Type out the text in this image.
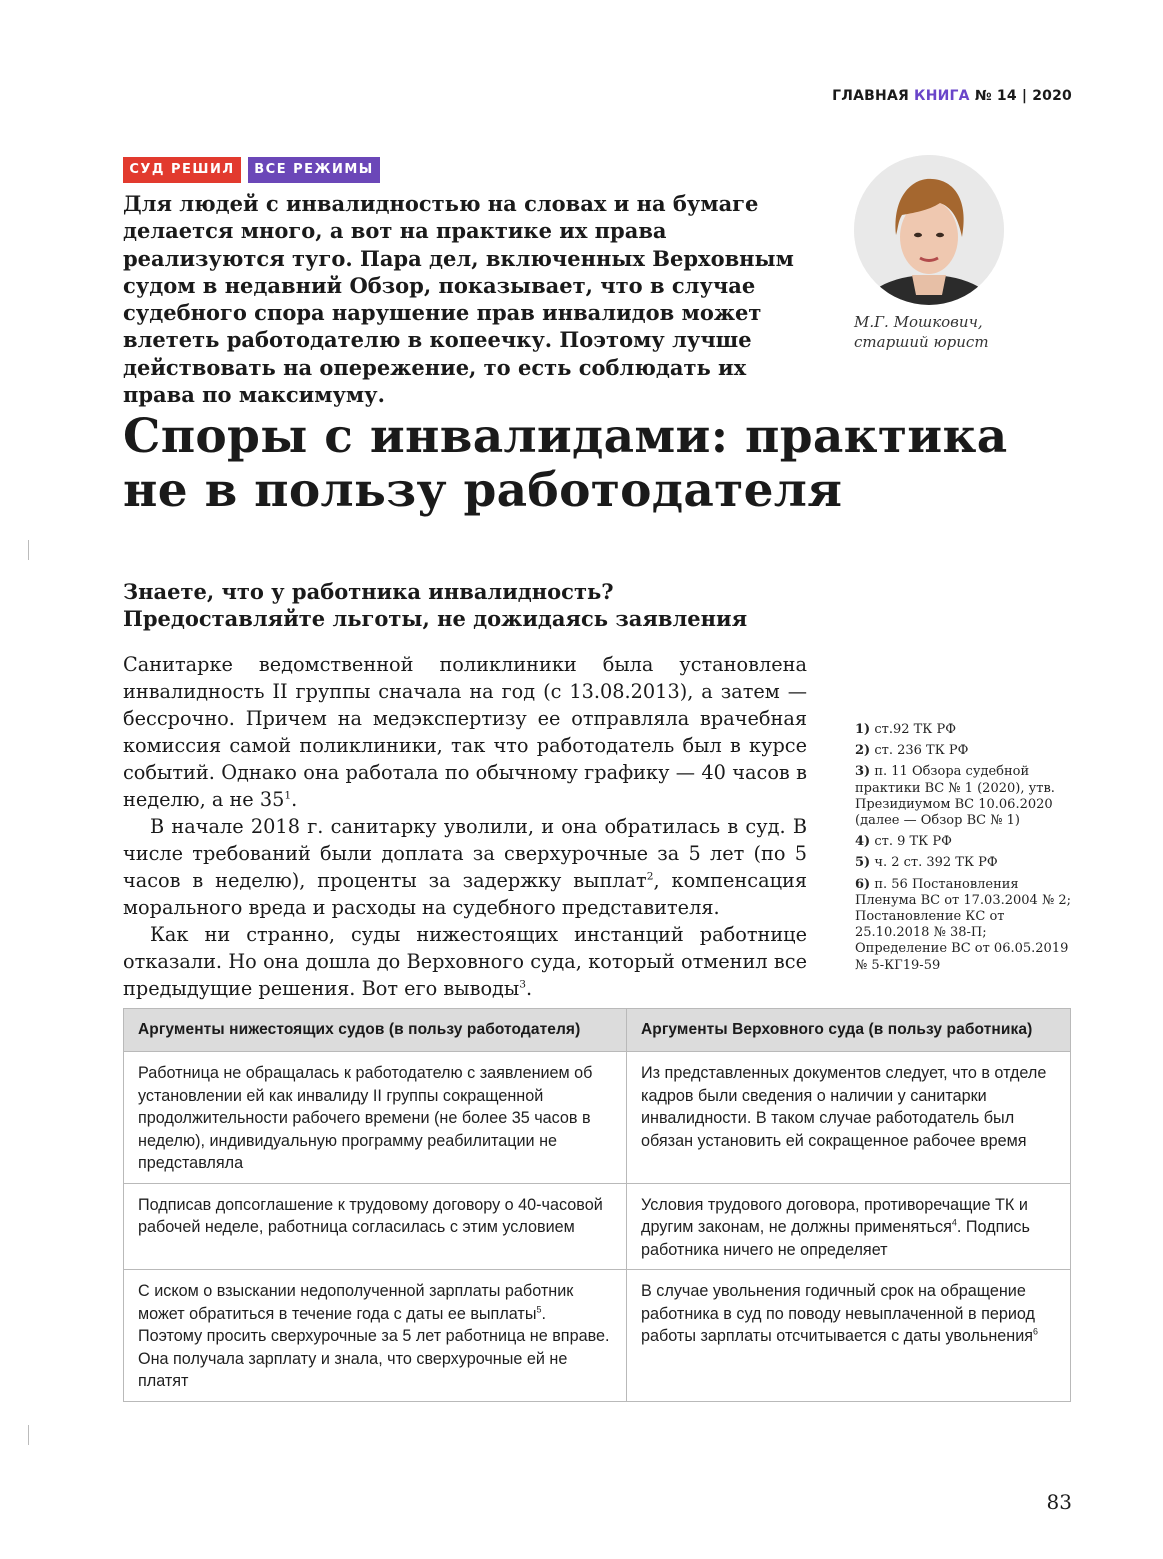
ГЛАВНАЯ КНИГА № 14 | 2020
СУД РЕШИЛ	ВСЕ РЕЖИМЫ
Для людей с инвалидностью на словах и на бумаге делается много, а вот на практике их права реализуются туго. Пара дел, включенных Верховным судом в недавний Обзор, показывает, что в случае судебного спора нарушение прав инвалидов может влететь работодателю в копеечку. Поэтому лучше действовать на опережение, то есть соблюдать их права по максимуму.
М.Г. Мошкович,
старший юрист
Споры с инвалидами: практика
не в пользу работодателя
Знаете, что у работника инвалидность?
Предоставляйте льготы, не дожидаясь заявления

Санитарке ведомственной поликлиники была установлена инвалидность II группы сначала на год (с 13.08.2013), а затем — бессрочно. Причем на медэкспертизу ее отправляла врачебная комиссия самой поликлиники, так что работодатель был в курсе событий. Однако она работала по обычному графику — 40 часов в неделю, а не $35^1$.

В начале 2018 г. санитарку уволили, и она обратилась в суд. В числе требований были доплата за сверхурочные за 5 лет (по 5 часов в неделю), проценты за задержку выплат$^2$, компенсация морального вреда и расходы на судебного представителя.

Как ни странно, суды нижестоящих инстанций работнице отказали. Но она дошла до Верховного суда, который отменил все предыдущие решения. Вот его выводы$^3$.

1) ст.92 ТК РФ
2) ст. 236 ТК РФ
3) п. 11 Обзора судебной практики ВС № 1 (2020), утв. Президиумом ВС 10.06.2020 (далее — Обзор ВС № 1)
4) ст. 9 ТК РФ
5) ч. 2 ст. 392 ТК РФ
6) п. 56 Постановления Пленума ВС от 17.03.2004 № 2; Постановление КС от 25.10.2018 № 38-П; Определение ВС от 06.05.2019 № 5-КГ19-59
Аргументы нижестоящих судов (в пользу работодателя)	Аргументы Верховного суда (в пользу работника)
Работница не обращалась к работодателю с заявлением об установлении ей как инвалиду II группы сокращенной продолжительности рабочего времени (не более 35 часов в неделю), индивидуальную программу реабилитации не представляла	Из представленных документов следует, что в отделе кадров были сведения о наличии у санитарки инвалидности. В таком случае работодатель был обязан установить ей сокращенное рабочее время
Подписав допсоглашение к трудовому договору о 40-часовой рабочей неделе, работница согласилась с этим условием	Условия трудового договора, противоречащие ТК и другим законам, не должны применяться$^4$. Подпись работника ничего не определяет
С иском о взыскании недополученной зарплаты работник может обратиться в течение года с даты ее выплаты$^5$. Поэтому просить сверхурочные за 5 лет работница не вправе. Она получала зарплату и знала, что сверхурочные ей не платят	В случае увольнения годичный срок на обращение работника в суд по поводу невыплаченной в период работы зарплаты отсчитывается с даты увольнения$^6$
83
